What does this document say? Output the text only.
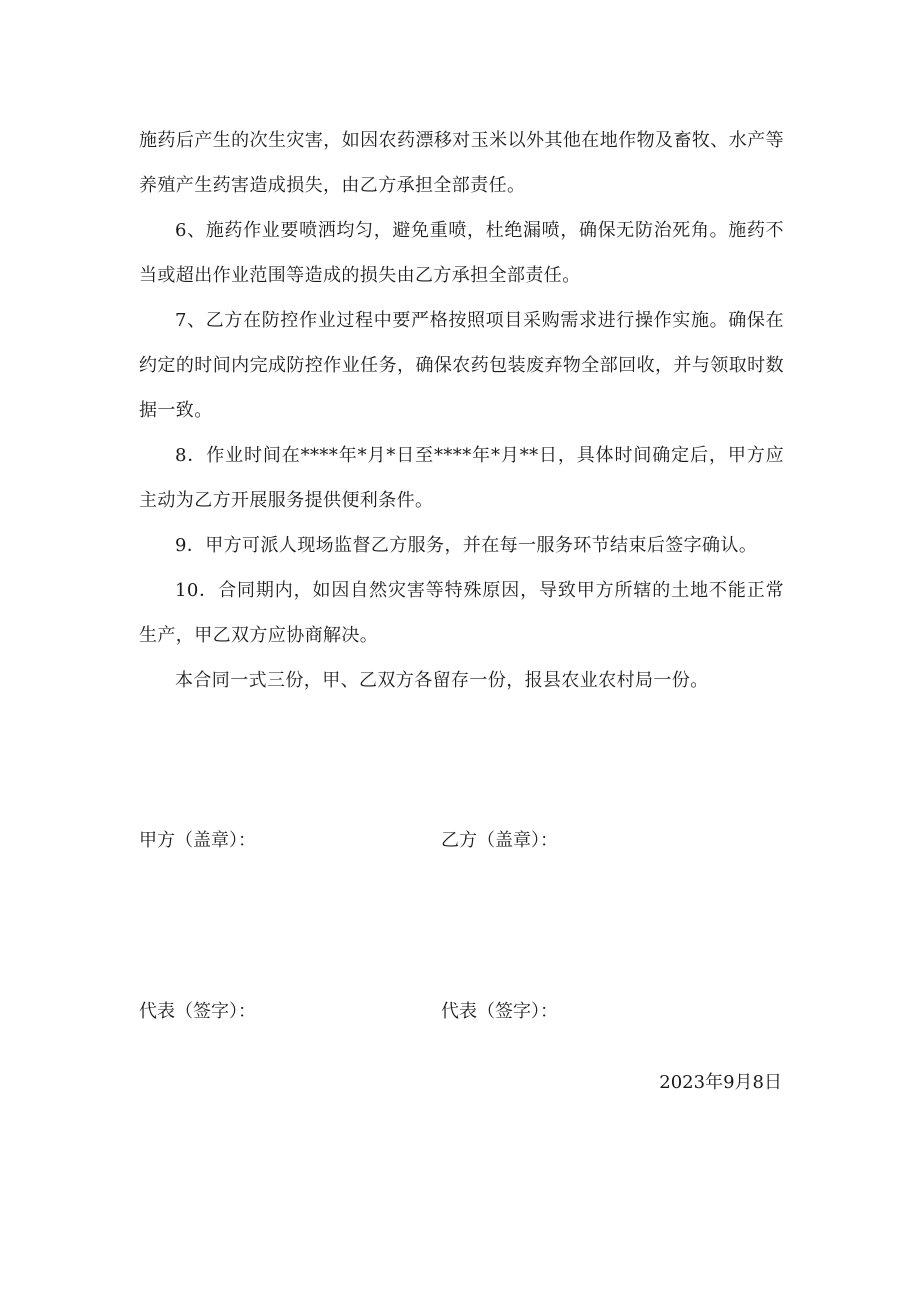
施药后产生的次生灾害，如因农药漂移对玉米以外其他在地作物及畜牧、水产等养殖产生药害造成损失，由乙方承担全部责任。

6、施药作业要喷洒均匀，避免重喷，杜绝漏喷，确保无防治死角。施药不当或超出作业范围等造成的损失由乙方承担全部责任。

7、乙方在防控作业过程中要严格按照项目采购需求进行操作实施。确保在约定的时间内完成防控作业任务，确保农药包装废弃物全部回收，并与领取时数据一致。

8．作业时间在****年*月*日至****年*月**日，具体时间确定后，甲方应主动为乙方开展服务提供便利条件。

9．甲方可派人现场监督乙方服务，并在每一服务环节结束后签字确认。

10．合同期内，如因自然灾害等特殊原因，导致甲方所辖的土地不能正常生产，甲乙双方应协商解决。

本合同一式三份，甲、乙双方各留存一份，报县农业农村局一份。

甲方（盖章）：	乙方（盖章）：
代表（签字）：	代表（签字）：
2023年9月8日
